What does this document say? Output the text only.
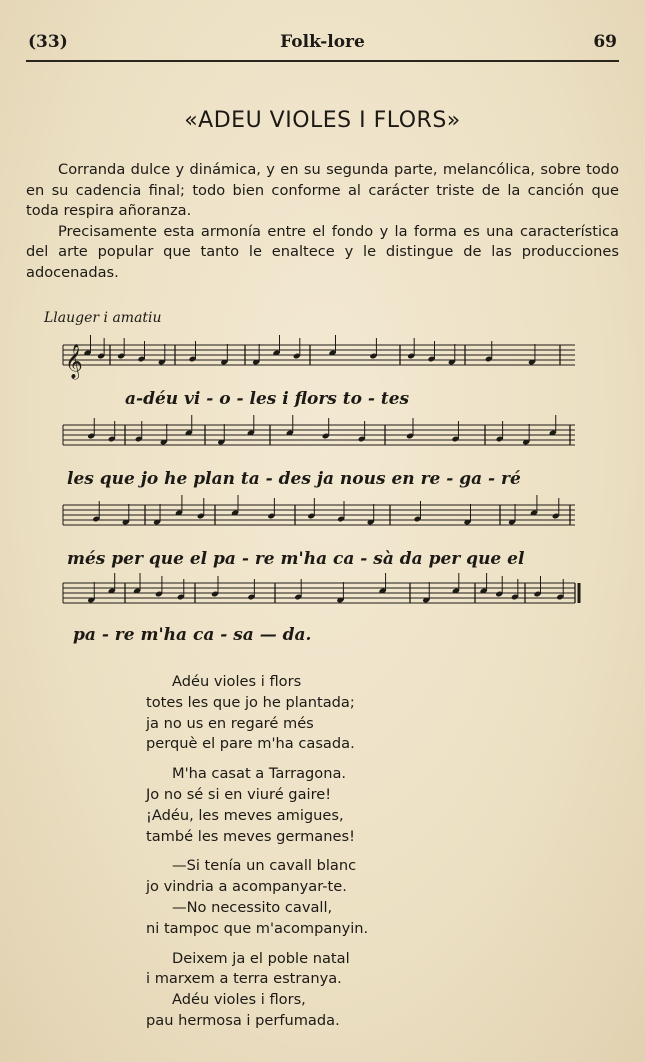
(33)	Folk-lore	69
«ADEU VIOLES I FLORS»

Corranda dulce y dinámica, y en su segunda parte, melancólica, sobre todo en su cadencia final; todo bien conforme al carácter triste de la canción que toda respira añoranza.

Precisamente esta armonía entre el fondo y la forma es una característica del arte popular que tanto le enaltece y le distingue de las producciones adocenadas.

Llauger i amatiu
𝄞
a-déu vi - o - les i flors to - tes
les que jo he plan ta - des ja nous en re - ga - ré
més per que el pa - re m'ha ca - sà da per que el
pa - re m'ha ca - sa — da.
Adéu violes i flors
totes les que jo he plantada;
ja no us en regaré més
perquè el pare m'ha casada.
M'ha casat a Tarragona.
Jo no sé si en viuré gaire!
¡Adéu, les meves amigues,
també les meves germanes!
—Si tenía un cavall blanc
jo vindria a acompanyar-te.
—No necessito cavall,
ni tampoc que m'acompanyin.
Deixem ja el poble natal
i marxem a terra estranya.
Adéu violes i flors,
pau hermosa i perfumada.
